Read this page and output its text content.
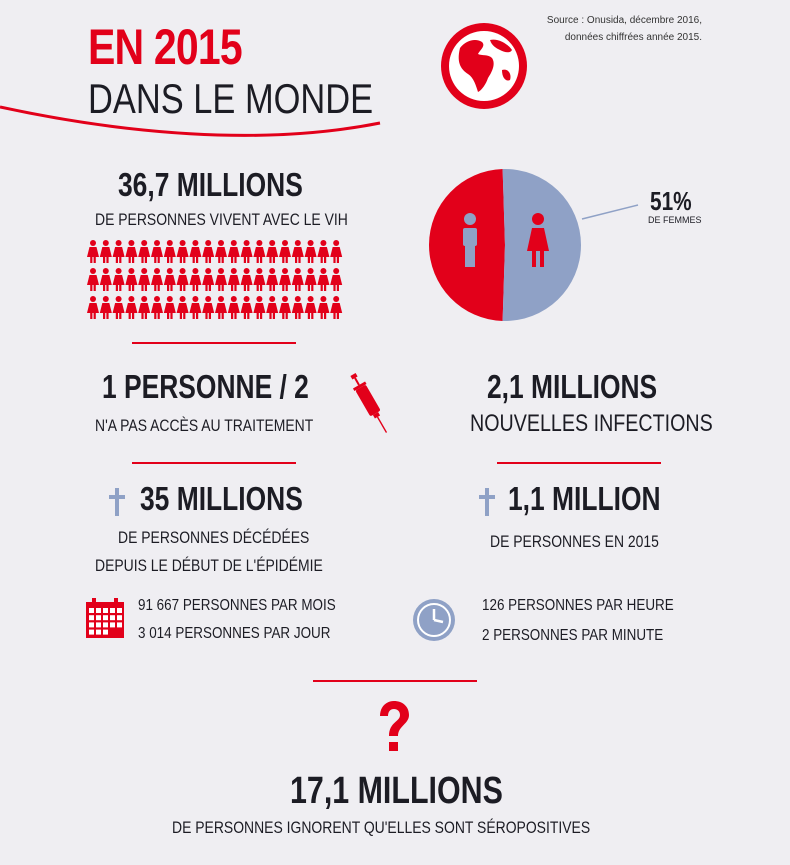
EN 2015
DANS LE MONDE
Source : Onusida, décembre 2016,
données chiffrées année 2015.
36,7 MILLIONS
DE PERSONNES VIVENT AVEC LE VIH
51%
DE FEMMES
1 PERSONNE / 2
N'A PAS ACCÈS AU TRAITEMENT
2,1 MILLIONS
NOUVELLES INFECTIONS
35 MILLIONS
DE PERSONNES DÉCÉDÉES
DEPUIS LE DÉBUT DE L'ÉPIDÉMIE
1,1 MILLION
DE PERSONNES EN 2015
91 667 PERSONNES PAR MOIS
3 014 PERSONNES PAR JOUR
126 PERSONNES PAR HEURE
2 PERSONNES PAR MINUTE
17,1 MILLIONS
DE PERSONNES IGNORENT QU'ELLES SONT SÉROPOSITIVES
